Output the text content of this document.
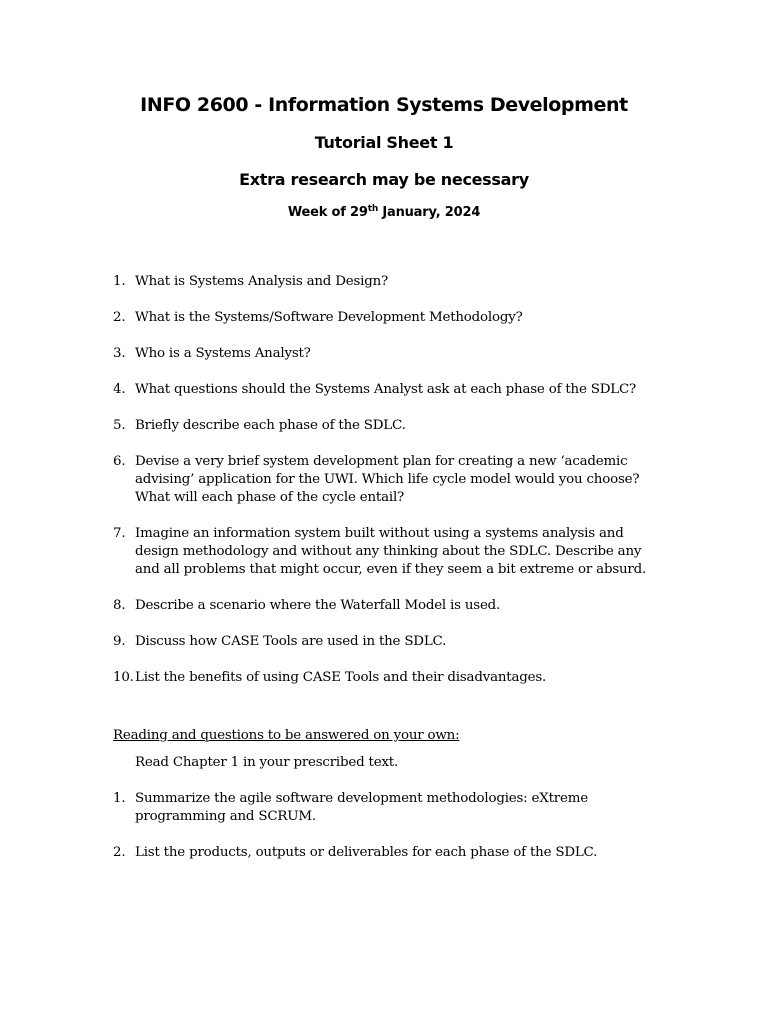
INFO 2600 - Information Systems Development
Tutorial Sheet 1
Extra research may be necessary
Week of 29th January, 2024
1. What is Systems Analysis and Design?
2. What is the Systems/Software Development Methodology?
3. Who is a Systems Analyst?
4. What questions should the Systems Analyst ask at each phase of the SDLC?
5. Briefly describe each phase of the SDLC.
6. Devise a very brief system development plan for creating a new ‘academic
advising’ application for the UWI. Which life cycle model would you choose?
What will each phase of the cycle entail?
7. Imagine an information system built without using a systems analysis and
design methodology and without any thinking about the SDLC. Describe any
and all problems that might occur, even if they seem a bit extreme or absurd.
8. Describe a scenario where the Waterfall Model is used.
9. Discuss how CASE Tools are used in the SDLC.
10. List the benefits of using CASE Tools and their disadvantages.
Reading and questions to be answered on your own:
Read Chapter 1 in your prescribed text.
1. Summarize the agile software development methodologies: eXtreme
programming and SCRUM.
2. List the products, outputs or deliverables for each phase of the SDLC.
